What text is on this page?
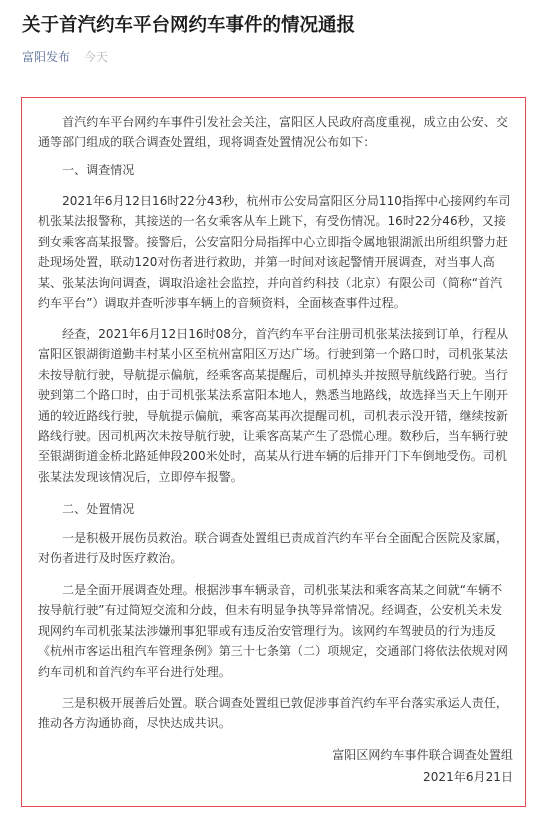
关于首汽约车平台网约车事件的情况通报
富阳发布 今天
　　首汽约车平台网约车事件引发社会关注，富阳区人民政府高度重视，成立由公安、交
通等部门组成的联合调查处置组，现将调查处置情况公布如下：
　　一、调查情况
　　2021年6月12日16时22分43秒，杭州市公安局富阳区分局110指挥中心接网约车司
机张某法报警称，其接送的一名女乘客从车上跳下，有受伤情况。16时22分46秒，又接
到女乘客高某报警。接警后，公安富阳分局指挥中心立即指令属地银湖派出所组织警力赶
赴现场处置，联动120对伤者进行救助，并第一时间对该起警情开展调查，对当事人高
某、张某法询问调查，调取沿途社会监控，并向首约科技（北京）有限公司（简称“首汽
约车平台”）调取并查听涉事车辆上的音频资料，全面核查事件过程。
　　经查，2021年6月12日16时08分，首汽约车平台注册司机张某法接到订单，行程从
富阳区银湖街道勤丰村某小区至杭州富阳区万达广场。行驶到第一个路口时，司机张某法
未按导航行驶，导航提示偏航，经乘客高某提醒后，司机掉头并按照导航线路行驶。当行
驶到第二个路口时，由于司机张某法系富阳本地人，熟悉当地路线，故选择当天上午刚开
通的较近路线行驶，导航提示偏航，乘客高某再次提醒司机，司机表示没开错，继续按新
路线行驶。因司机两次未按导航行驶，让乘客高某产生了恐慌心理。数秒后，当车辆行驶
至银湖街道金桥北路延伸段200米处时，高某从行进车辆的后排开门下车倒地受伤。司机
张某法发现该情况后，立即停车报警。
　　二、处置情况
　　一是积极开展伤员救治。联合调查处置组已责成首汽约车平台全面配合医院及家属，
对伤者进行及时医疗救治。
　　二是全面开展调查处理。根据涉事车辆录音，司机张某法和乘客高某之间就“车辆不
按导航行驶”有过简短交流和分歧，但未有明显争执等异常情况。经调查，公安机关未发
现网约车司机张某法涉嫌刑事犯罪或有违反治安管理行为。该网约车驾驶员的行为违反
《杭州市客运出租汽车管理条例》第三十七条第（二）项规定，交通部门将依法依规对网
约车司机和首汽约车平台进行处理。
　　三是积极开展善后处置。联合调查处置组已敦促涉事首汽约车平台落实承运人责任，
推动各方沟通协商，尽快达成共识。
富阳区网约车事件联合调查处置组
2021年6月21日
